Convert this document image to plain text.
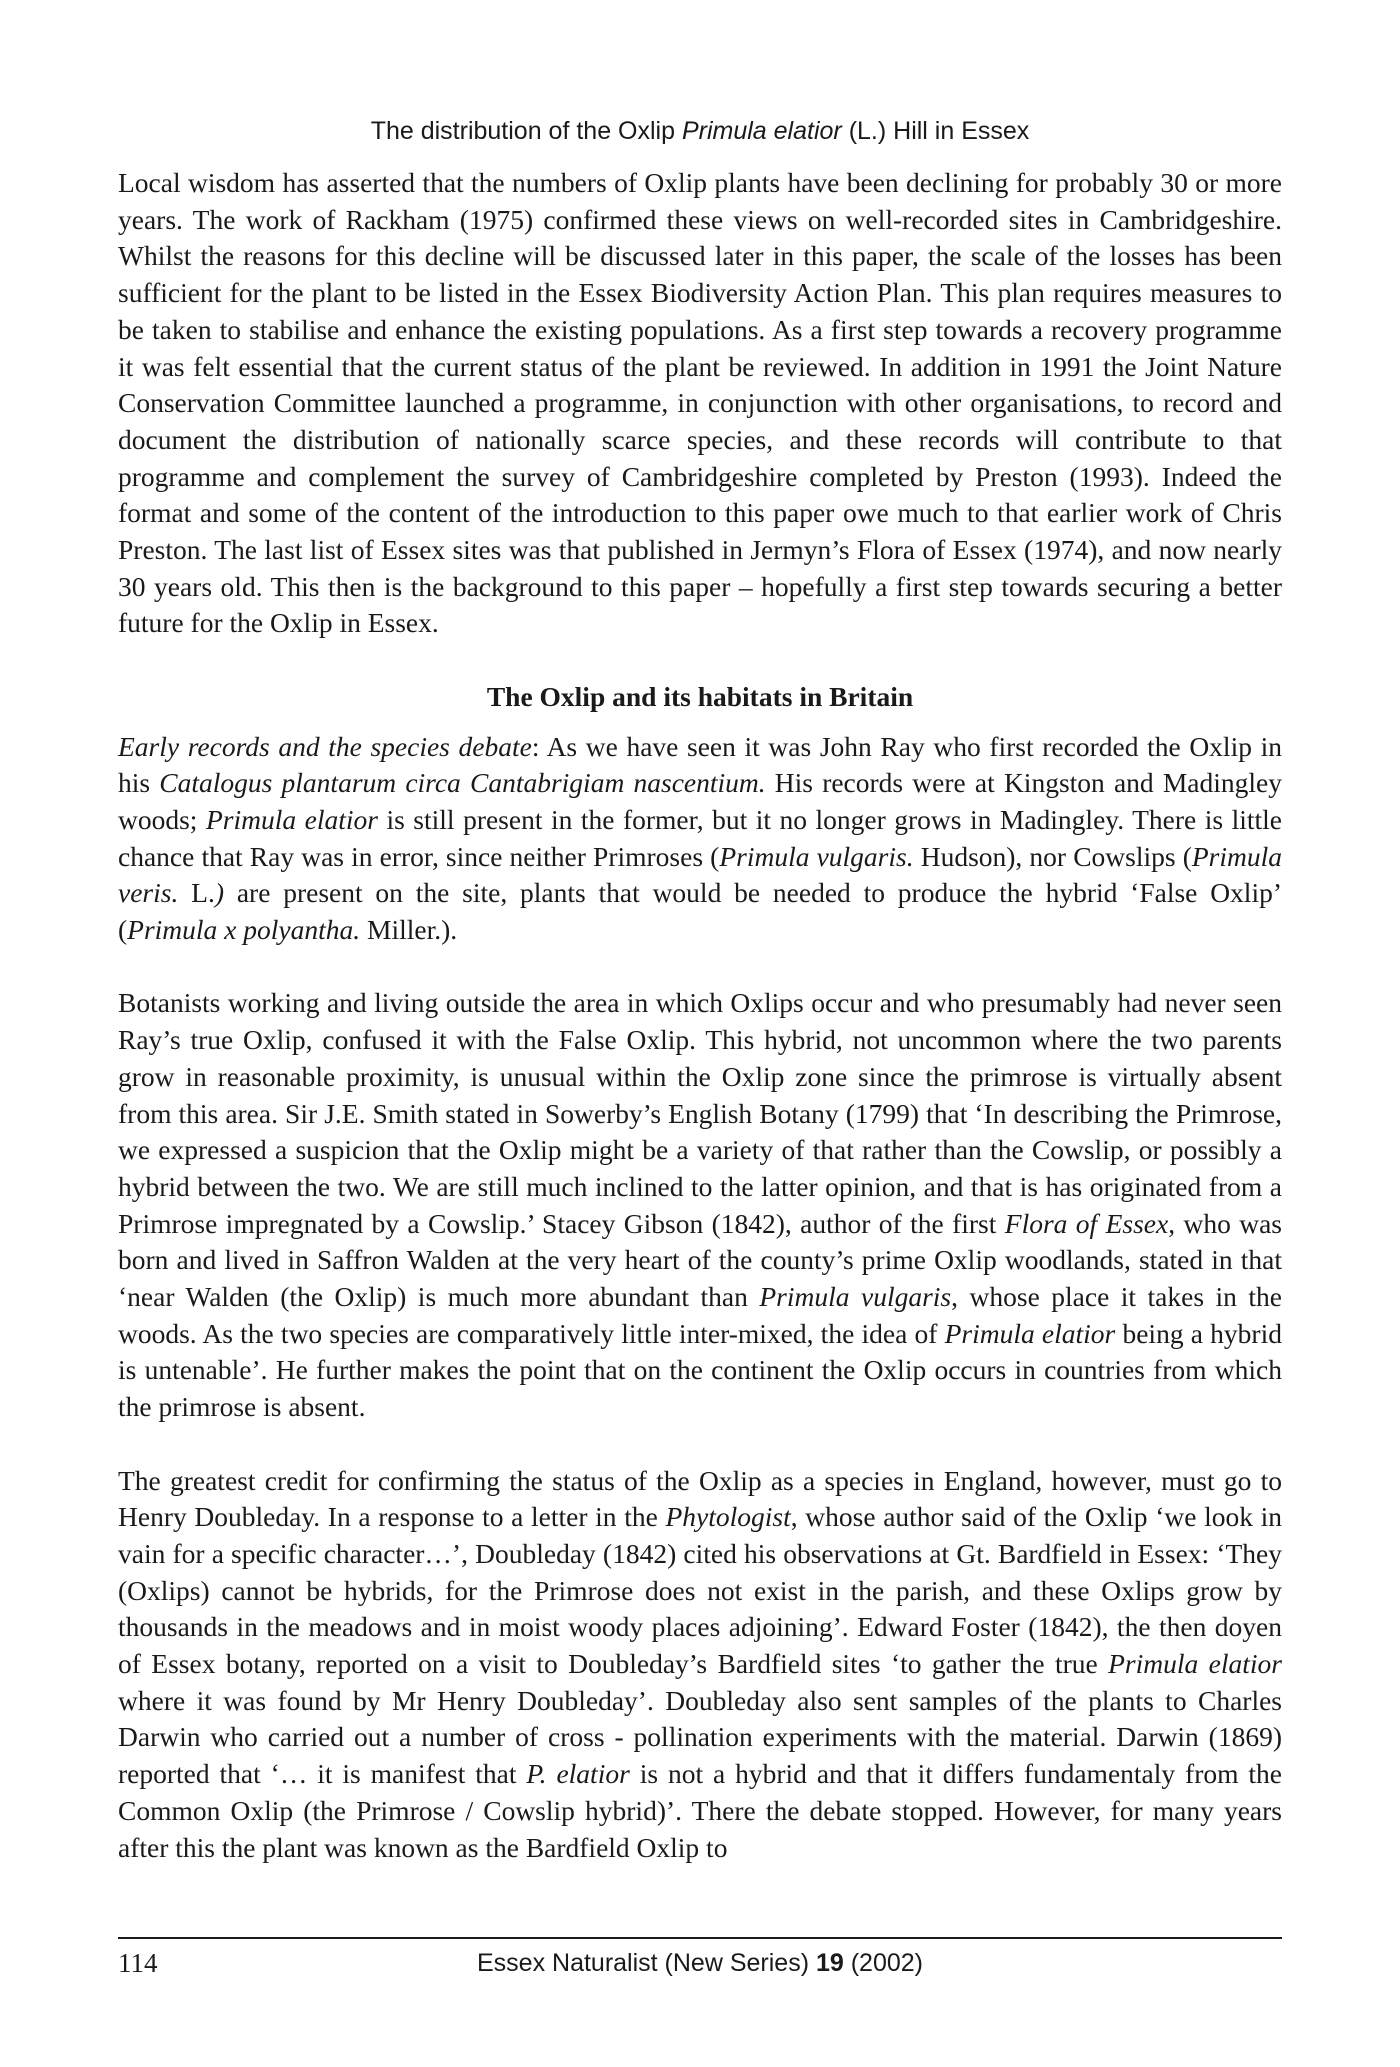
The distribution of the Oxlip Primula elatior (L.) Hill in Essex

Local wisdom has asserted that the numbers of Oxlip plants have been declining for probably 30 or more years. The work of Rackham (1975) confirmed these views on well-recorded sites in Cambridgeshire. Whilst the reasons for this decline will be discussed later in this paper, the scale of the losses has been sufficient for the plant to be listed in the Essex Biodiversity Action Plan. This plan requires measures to be taken to stabilise and enhance the existing populations. As a first step towards a recovery programme it was felt essential that the current status of the plant be reviewed. In addition in 1991 the Joint Nature Conservation Committee launched a programme, in conjunction with other organisations, to record and document the distribution of nationally scarce species, and these records will contribute to that programme and complement the survey of Cambridgeshire completed by Preston (1993). Indeed the format and some of the content of the introduction to this paper owe much to that earlier work of Chris Preston. The last list of Essex sites was that published in Jermyn’s Flora of Essex (1974), and now nearly 30 years old. This then is the background to this paper – hopefully a first step towards securing a better future for the Oxlip in Essex.

The Oxlip and its habitats in Britain

Early records and the species debate: As we have seen it was John Ray who first recorded the Oxlip in his Catalogus plantarum circa Cantabrigiam nascentium. His records were at Kingston and Madingley woods; Primula elatior is still present in the former, but it no longer grows in Madingley. There is little chance that Ray was in error, since neither Primroses (Primula vulgaris. Hudson), nor Cowslips (Primula veris. L.) are present on the site, plants that would be needed to produce the hybrid ‘False Oxlip’ (Primula x polyantha. Miller.).

Botanists working and living outside the area in which Oxlips occur and who presumably had never seen Ray’s true Oxlip, confused it with the False Oxlip. This hybrid, not uncommon where the two parents grow in reasonable proximity, is unusual within the Oxlip zone since the primrose is virtually absent from this area. Sir J.E. Smith stated in Sowerby’s English Botany (1799) that ‘In describing the Primrose, we expressed a suspicion that the Oxlip might be a variety of that rather than the Cowslip, or possibly a hybrid between the two. We are still much inclined to the latter opinion, and that is has originated from a Primrose impregnated by a Cowslip.’ Stacey Gibson (1842), author of the first Flora of Essex, who was born and lived in Saffron Walden at the very heart of the county’s prime Oxlip woodlands, stated in that ‘near Walden (the Oxlip) is much more abundant than Primula vulgaris, whose place it takes in the woods. As the two species are comparatively little inter-mixed, the idea of Primula elatior being a hybrid is untenable’. He further makes the point that on the continent the Oxlip occurs in countries from which the primrose is absent.

The greatest credit for confirming the status of the Oxlip as a species in England, however, must go to Henry Doubleday. In a response to a letter in the Phytologist, whose author said of the Oxlip ‘we look in vain for a specific character…’, Doubleday (1842) cited his observations at Gt. Bardfield in Essex: ‘They (Oxlips) cannot be hybrids, for the Primrose does not exist in the parish, and these Oxlips grow by thousands in the meadows and in moist woody places adjoining’. Edward Foster (1842), the then doyen of Essex botany, reported on a visit to Doubleday’s Bardfield sites ‘to gather the true Primula elatior where it was found by Mr Henry Doubleday’. Doubleday also sent samples of the plants to Charles Darwin who carried out a number of cross - pollination experiments with the material. Darwin (1869) reported that ‘… it is manifest that P. elatior is not a hybrid and that it differs fundamentaly from the Common Oxlip (the Primrose / Cowslip hybrid)’. There the debate stopped. However, for many years after this the plant was known as the Bardfield Oxlip to

114	Essex Naturalist (New Series) 19 (2002)
